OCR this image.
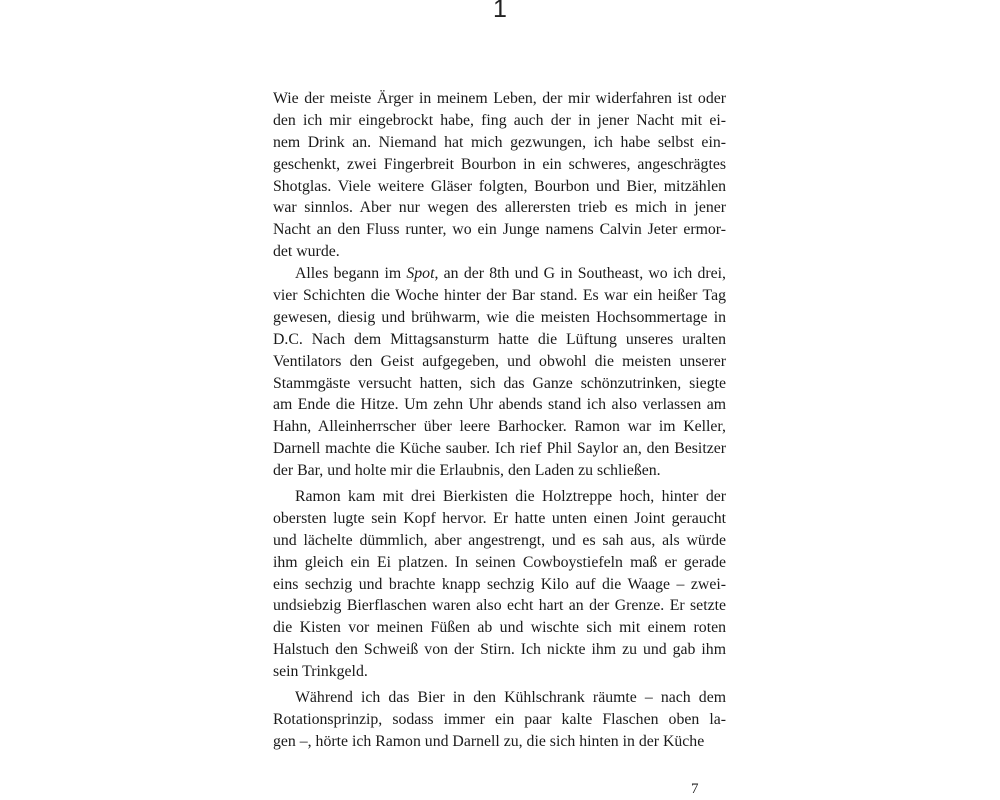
1
Wie der meiste Ärger in meinem Leben, der mir widerfahren ist oder
den ich mir eingebrockt habe, fing auch der in jener Nacht mit ei-
nem Drink an. Niemand hat mich gezwungen, ich habe selbst ein-
geschenkt, zwei Fingerbreit Bourbon in ein schweres, angeschrägtes
Shotglas. Viele weitere Gläser folgten, Bourbon und Bier, mitzählen
war sinnlos. Aber nur wegen des allerersten trieb es mich in jener
Nacht an den Fluss runter, wo ein Junge namens Calvin Jeter ermor-
det wurde.
Alles begann im Spot, an der 8th und G in Southeast, wo ich drei,
vier Schichten die Woche hinter der Bar stand. Es war ein heißer Tag
gewesen, diesig und brühwarm, wie die meisten Hochsommertage in
D.C. Nach dem Mittagsansturm hatte die Lüftung unseres uralten
Ventilators den Geist aufgegeben, und obwohl die meisten unserer
Stammgäste versucht hatten, sich das Ganze schönzutrinken, siegte
am Ende die Hitze. Um zehn Uhr abends stand ich also verlassen am
Hahn, Alleinherrscher über leere Barhocker. Ramon war im Keller,
Darnell machte die Küche sauber. Ich rief Phil Saylor an, den Besitzer
der Bar, und holte mir die Erlaubnis, den Laden zu schließen.
Ramon kam mit drei Bierkisten die Holztreppe hoch, hinter der
obersten lugte sein Kopf hervor. Er hatte unten einen Joint geraucht
und lächelte dümmlich, aber angestrengt, und es sah aus, als würde
ihm gleich ein Ei platzen. In seinen Cowboystiefeln maß er gerade
eins sechzig und brachte knapp sechzig Kilo auf die Waage – zwei-
undsiebzig Bierflaschen waren also echt hart an der Grenze. Er setzte
die Kisten vor meinen Füßen ab und wischte sich mit einem roten
Halstuch den Schweiß von der Stirn. Ich nickte ihm zu und gab ihm
sein Trinkgeld.
Während ich das Bier in den Kühlschrank räumte – nach dem
Rotationsprinzip, sodass immer ein paar kalte Flaschen oben la-
gen –, hörte ich Ramon und Darnell zu, die sich hinten in der Küche
7
